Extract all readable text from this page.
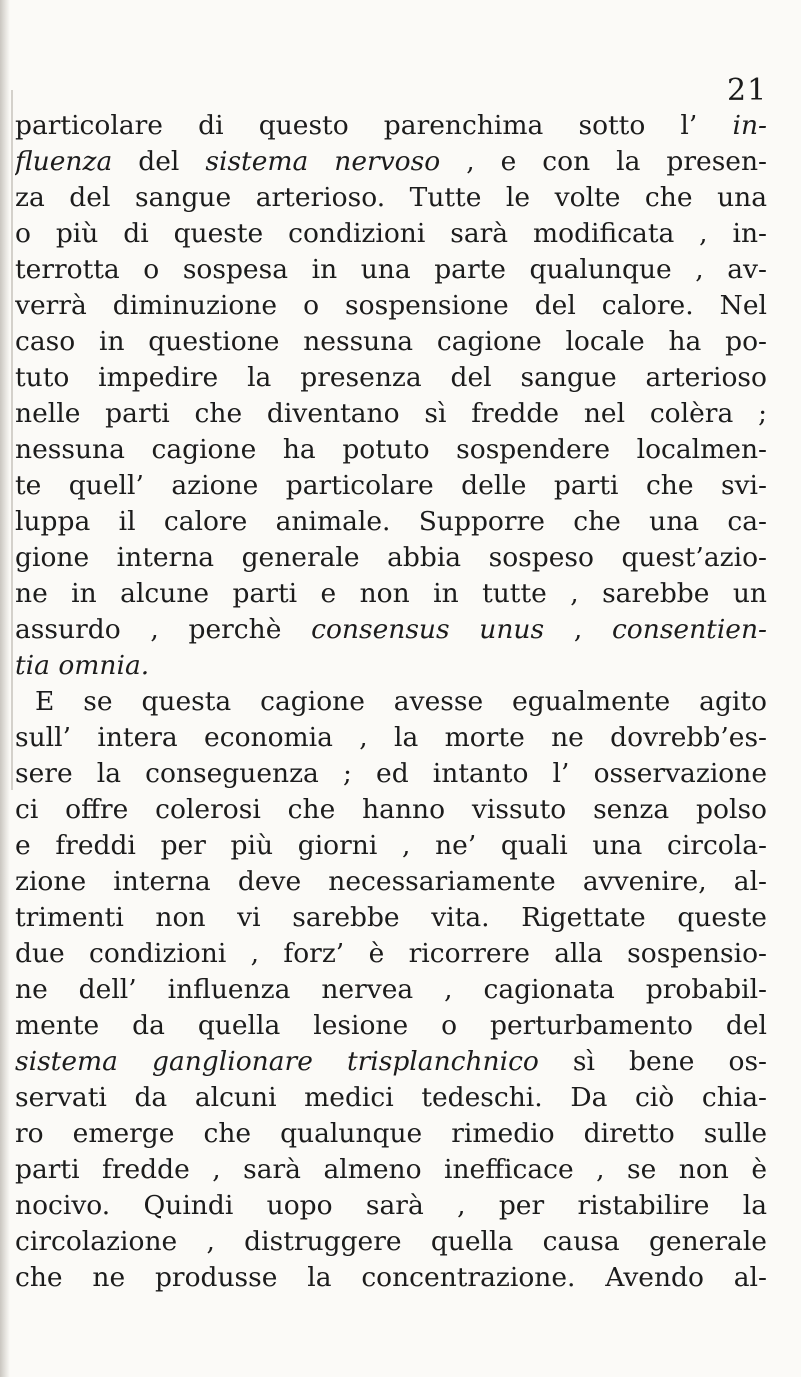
21
particolare di questo parenchima sotto l’ in-
fluenza del sistema nervoso , e con la presen-
za del sangue arterioso. Tutte le volte che una
o più di queste condizioni sarà modificata , in-
terrotta o sospesa in una parte qualunque , av-
verrà diminuzione o sospensione del calore. Nel
caso in questione nessuna cagione locale ha po-
tuto impedire la presenza del sangue arterioso
nelle parti che diventano sì fredde nel colèra ;
nessuna cagione ha potuto sospendere localmen-
te quell’ azione particolare delle parti che svi-
luppa il calore animale. Supporre che una ca-
gione interna generale abbia sospeso quest’azio-
ne in alcune parti e non in tutte , sarebbe un
assurdo , perchè consensus unus , consentien-
tia omnia.
E se questa cagione avesse egualmente agito
sull’ intera economia , la morte ne dovrebb’es-
sere la conseguenza ; ed intanto l’ osservazione
ci offre colerosi che hanno vissuto senza polso
e freddi per più giorni , ne’ quali una circola-
zione interna deve necessariamente avvenire, al-
trimenti non vi sarebbe vita. Rigettate queste
due condizioni , forz’ è ricorrere alla sospensio-
ne dell’ influenza nervea , cagionata probabil-
mente da quella lesione o perturbamento del
sistema ganglionare trisplanchnico sì bene os-
servati da alcuni medici tedeschi. Da ciò chia-
ro emerge che qualunque rimedio diretto sulle
parti fredde , sarà almeno inefficace , se non è
nocivo. Quindi uopo sarà , per ristabilire la
circolazione , distruggere quella causa generale
che ne produsse la concentrazione. Avendo al-
